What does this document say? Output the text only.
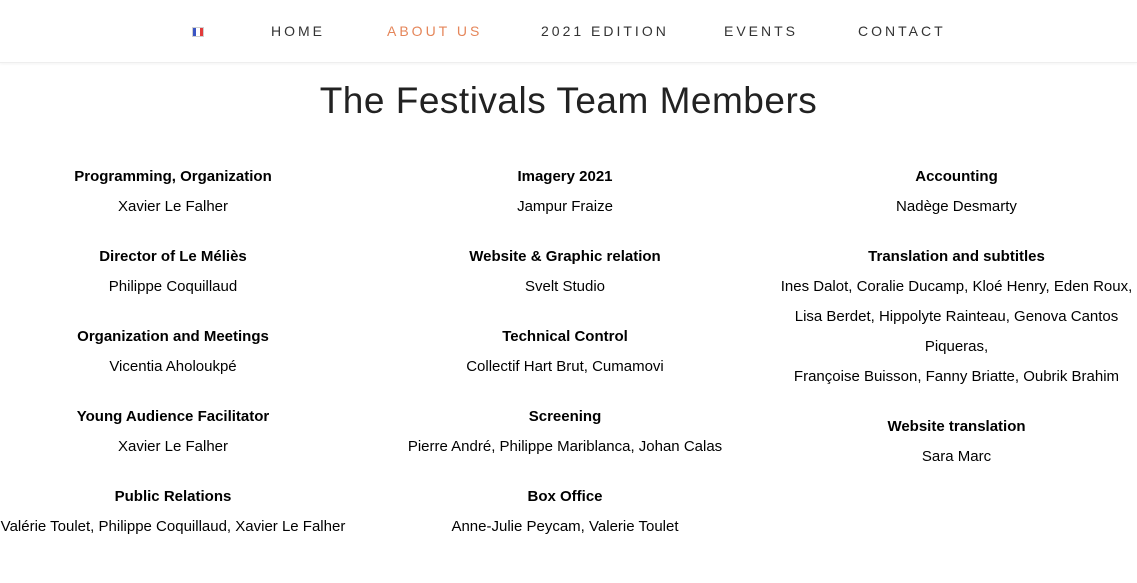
HOME	ABOUT US	2021 EDITION	EVENTS	CONTACT
The Festivals Team Members

Programming, Organization

Xavier Le Falher

Director of Le Méliès

Philippe Coquillaud

Organization and Meetings

Vicentia Aholoukpé

Young Audience Facilitator

Xavier Le Falher

Public Relations

Valérie Toulet, Philippe Coquillaud, Xavier Le Falher

Imagery 2021

Jampur Fraize

Website & Graphic relation

Svelt Studio

Technical Control

Collectif Hart Brut, Cumamovi

Screening

Pierre André, Philippe Mariblanca, Johan Calas

Box Office

Anne-Julie Peycam, Valerie Toulet

Accounting

Nadège Desmarty

Translation and subtitles

Ines Dalot, Coralie Ducamp, Kloé Henry, Eden Roux,
Lisa Berdet, Hippolyte Rainteau, Genova Cantos
Piqueras,
Françoise Buisson, Fanny Briatte, Oubrik Brahim

Website translation

Sara Marc
